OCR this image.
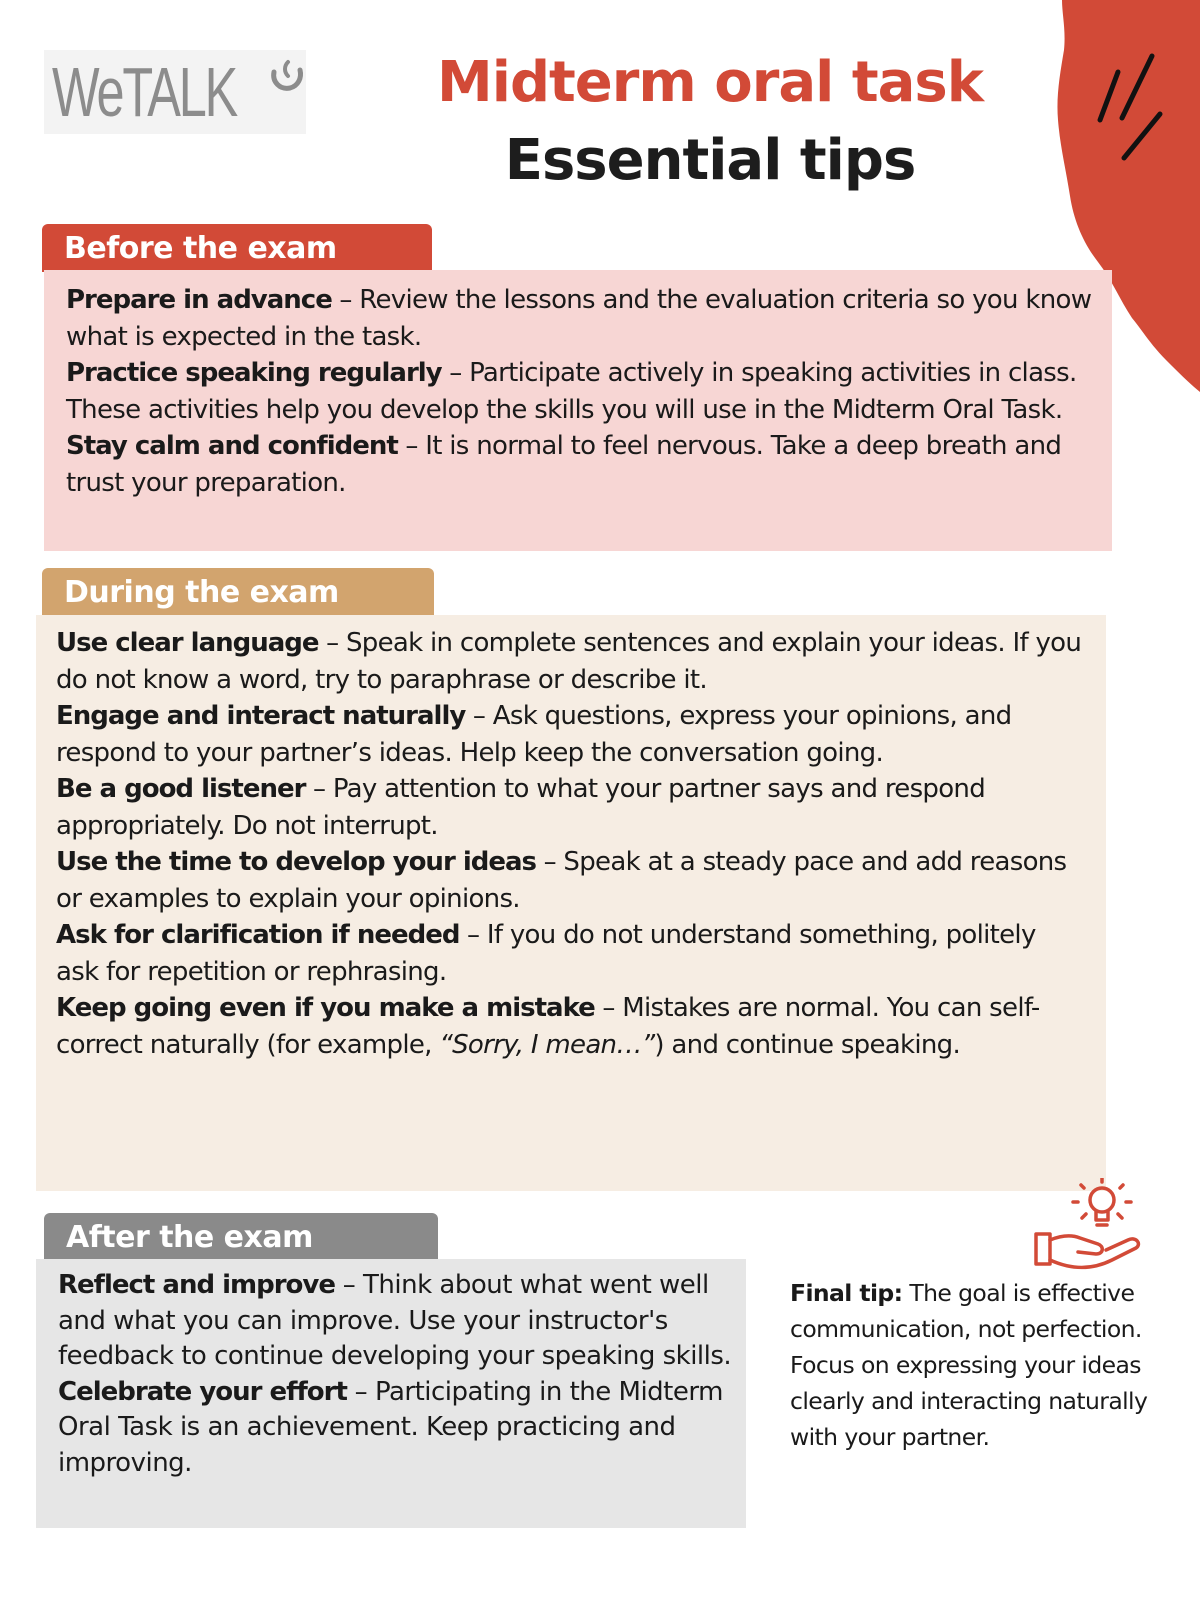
WeTALK	Midterm oral task
Essential tips
Before the exam

Prepare in advance – Review the lessons and the evaluation criteria so you know what is expected in the task.

Practice speaking regularly – Participate actively in speaking activities in class. These activities help you develop the skills you will use in the Midterm Oral Task.

Stay calm and confident – It is normal to feel nervous. Take a deep breath and trust your preparation.

During the exam

Use clear language – Speak in complete sentences and explain your ideas. If you do not know a word, try to paraphrase or describe it.

Engage and interact naturally – Ask questions, express your opinions, and respond to your partner’s ideas. Help keep the conversation going.

Be a good listener – Pay attention to what your partner says and respond appropriately. Do not interrupt.

Use the time to develop your ideas – Speak at a steady pace and add reasons or examples to explain your opinions.

Ask for clarification if needed – If you do not understand something, politely ask for repetition or rephrasing.

Keep going even if you make a mistake – Mistakes are normal. You can self-correct naturally (for example, “Sorry, I mean…”) and continue speaking.

After the exam

Reflect and improve – Think about what went well and what you can improve. Use your instructor's feedback to continue developing your speaking skills.

Celebrate your effort – Participating in the Midterm Oral Task is an achievement. Keep practicing and improving.

Final tip: The goal is effective communication, not perfection. Focus on expressing your ideas clearly and interacting naturally with your partner.
